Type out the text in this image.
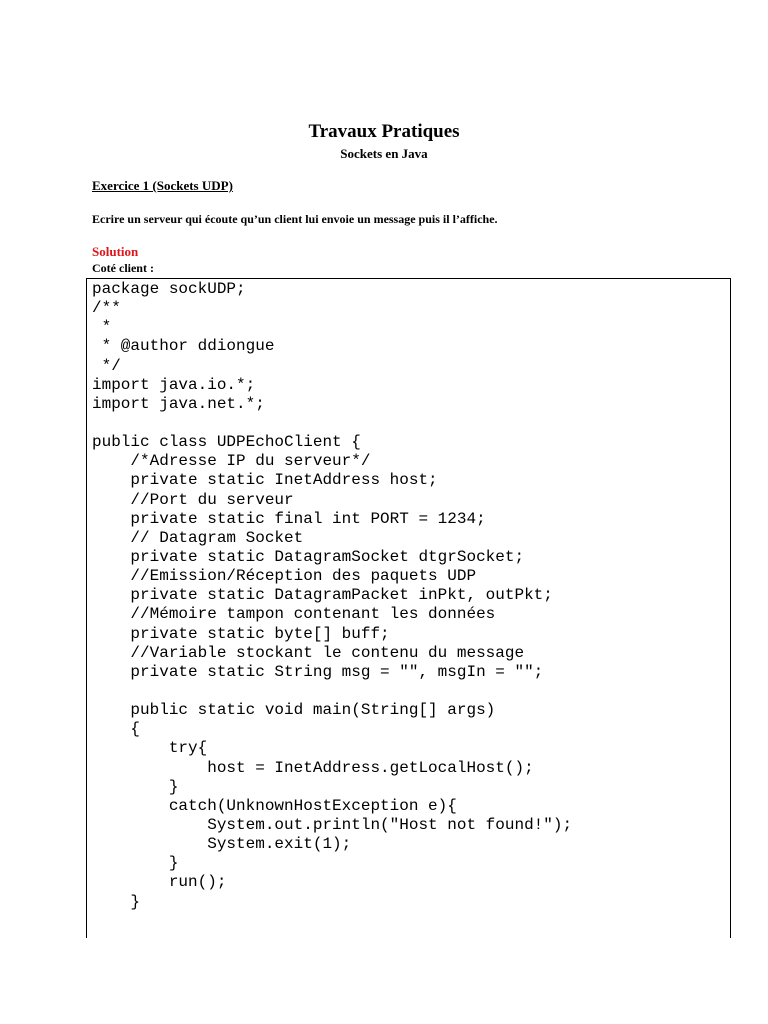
Travaux Pratiques
Sockets en Java

Exercice 1 (Sockets UDP)

Ecrire un serveur qui écoute qu’un client lui envoie un message puis il l’affiche.

Solution

Coté client :

package sockUDP;
/**
*
* @author ddiongue
*/
import java.io.*;
import java.net.*;
public class UDPEchoClient {
/*Adresse IP du serveur*/
private static InetAddress host;
//Port du serveur
private static final int PORT = 1234;
// Datagram Socket
private static DatagramSocket dtgrSocket;
//Emission/Réception des paquets UDP
private static DatagramPacket inPkt, outPkt;
//Mémoire tampon contenant les données
private static byte[] buff;
//Variable stockant le contenu du message
private static String msg = "", msgIn = "";
public static void main(String[] args)
{
try{
host = InetAddress.getLocalHost();
}
catch(UnknownHostException e){
System.out.println("Host not found!");
System.exit(1);
}
run();
}
